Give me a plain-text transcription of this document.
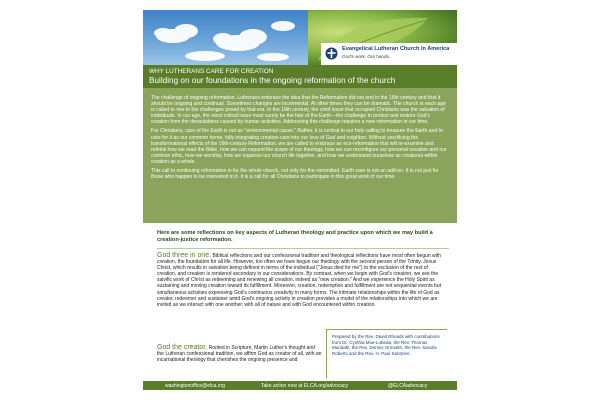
Evangelical Lutheran Church in America
God's work. Our hands.
WHY LUTHERANS CARE FOR CREATION
Building on our foundations in the ongoing reformation of the church

The challenge of ongoing reformation. Lutherans embrace the idea that the Reformation did not end in the 16th century and that it should be ongoing and continual. Sometimes changes are incremental. At other times they can be dramatic. The church in each age is called to rise to the challenges posed by that era. In the 16th century, the chief issue that occupied Christians was the salvation of individuals. In our age, the most critical issue must surely be the fate of the Earth—the challenge to protect and restore God's creation from the devastations caused by human activities. Addressing this challenge requires a new reformation in our time.

For Christians, care of the Earth is not an "environmental cause." Rather, it is central to our holy calling to treasure the Earth and to care for it as our common home, fully integrating creation-care into our love of God and neighbor. Without sacrificing the transformational effects of the 16th-century Reformation, we are called to embrace an eco-reformation that will re-examine and rethink how we read the Bible, how we can expand the scope of our theology, how we can reconfigure our personal vocation and our common ethic, how we worship, how we organize our church life together, and how we understand ourselves as creatures within creation as a whole.

This call to continuing reformation is for the whole church, not only for the committed. Earth care is not an add-on. It is not just for those who happen to be interested in it. It is a call for all Christians to participate in this great work of our time.

Here are some reflections on key aspects of Lutheran theology and practice upon which we may build a creation-justice reformation.

God three in one. Biblical reflections and our confessional tradition and theological reflections have most often begun with creation, the foundation for all life. However, too often we have begun our theology with the second person of the Trinity, Jesus Christ, which results in salvation being defined in terms of the individual ("Jesus died for me") to the exclusion of the rest of creation, and creation is rendered secondary in our considerations. By contrast, when we begin with God's creation, we see the salvific work of Christ as redeeming and renewing all creation, indeed as "new creation." And we experience the Holy Spirit as sustaining and moving creation toward its fulfillment. Moreover, creation, redemption and fulfillment are not sequential events but simultaneous activities expressing God's continuous creativity in many forms. The intimate relationships within the life of God as creator, redeemer and sustainer amid God's ongoing activity in creation provides a model of the relationships into which we are invited as we interact with one another, with all of nature and with God encountered within creation.

God the creator. Rooted in Scripture, Martin Luther's thought and the Lutheran confessional tradition, we affirm God as creator of all, with an incarnational theology that cherishes the ongoing presence and

Prepared by the Rev. David Rhoads with contributions from Dr. Cynthia Moe-Lobeda, the Rev. Thomas Mundahl, the Rev. Dennis Ormseth, the Rev. Sandra Roberts and the Rev. H. Paul Santmire.

washingtonoffice@elca.org	Take action now at ELCA.org/advocacy	@ELCAadvocacy
